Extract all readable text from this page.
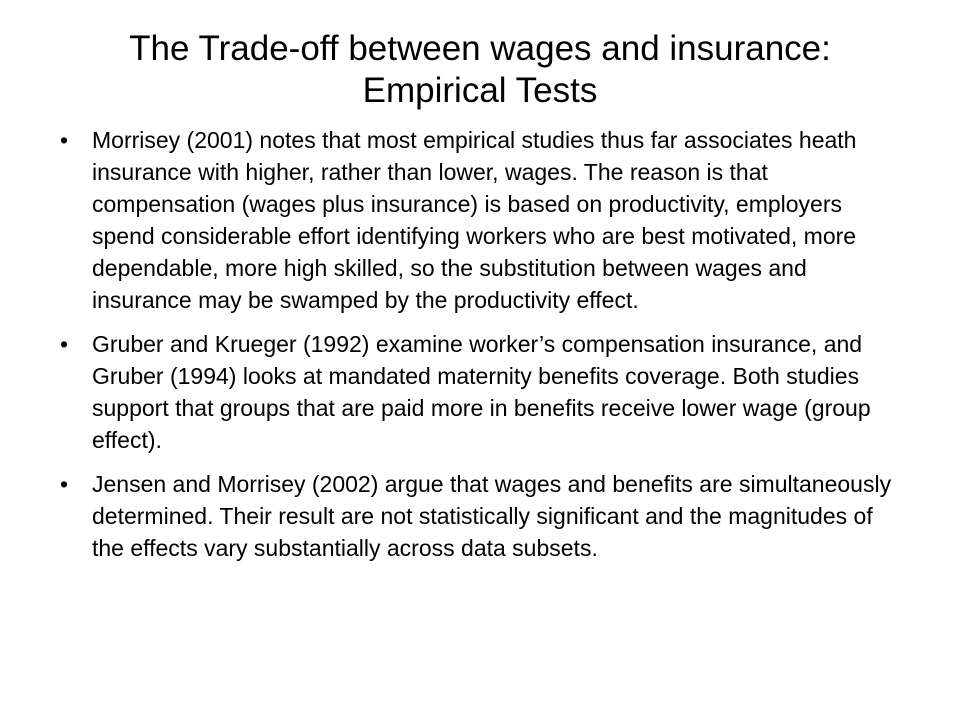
The Trade-off between wages and insurance:
Empirical Tests
•	Morrisey (2001) notes that most empirical studies thus far associates heath insurance with higher, rather than lower, wages. The reason is that compensation (wages plus insurance) is based on productivity, employers spend considerable effort identifying workers who are best motivated, more dependable, more high skilled, so the substitution between wages and insurance may be swamped by the productivity effect.

•	Gruber and Krueger (1992) examine worker’s compensation insurance, and Gruber (1994) looks at mandated maternity benefits coverage. Both studies support that groups that are paid more in benefits receive lower wage (group effect).

•	Jensen and Morrisey (2002) argue that wages and benefits are simultaneously determined. Their result are not statistically significant and the magnitudes of the effects vary substantially across data subsets.
